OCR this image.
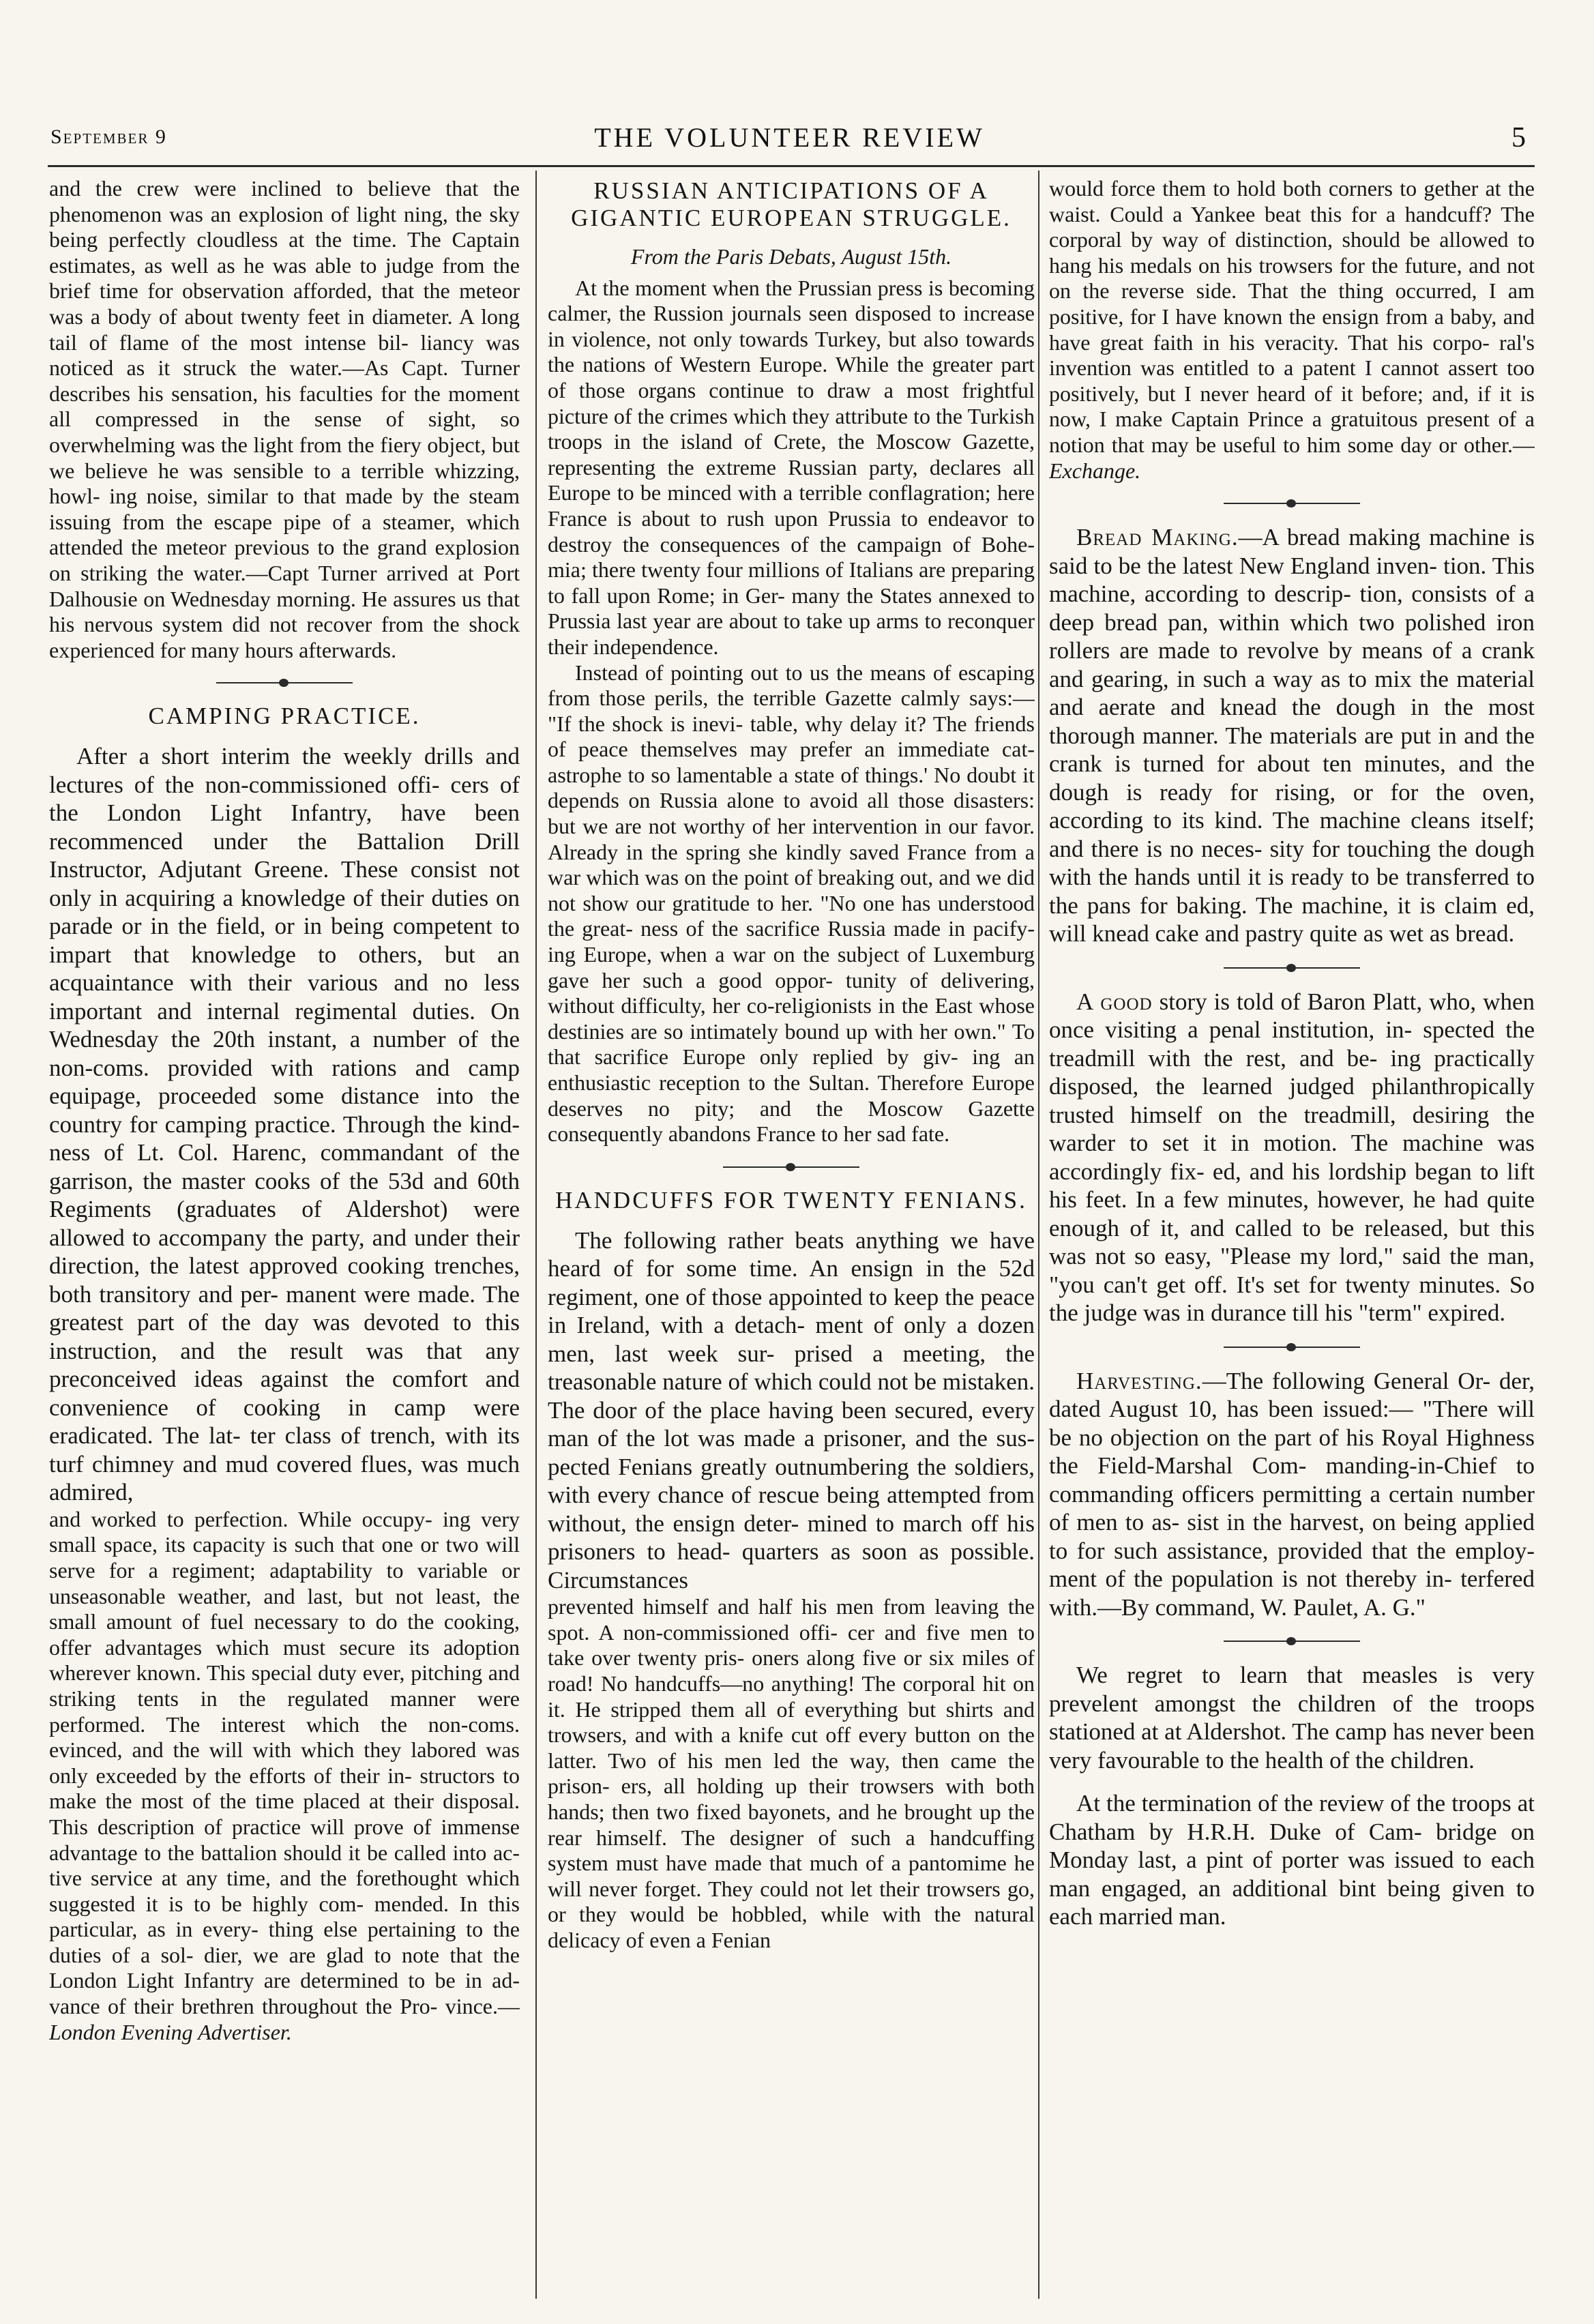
September 9	THE VOLUNTEER REVIEW	5

and the crew were inclined to believe that the phenomenon was an explosion of light ning, the sky being perfectly cloudless at the time. The Captain estimates, as well as he was able to judge from the brief time for observation afforded, that the meteor was a body of about twenty feet in diameter. A long tail of flame of the most intense bil- liancy was noticed as it struck the water.—As Capt. Turner describes his sensation, his faculties for the moment all compressed in the sense of sight, so overwhelming was the light from the fiery object, but we believe he was sensible to a terrible whizzing, howl- ing noise, similar to that made by the steam issuing from the escape pipe of a steamer, which attended the meteor previous to the grand explosion on striking the water.—Capt Turner arrived at Port Dalhousie on Wednesday morning. He assures us that his nervous system did not recover from the shock experienced for many hours afterwards.

CAMPING PRACTICE.

After a short interim the weekly drills and lectures of the non-commissioned offi- cers of the London Light Infantry, have been recommenced under the Battalion Drill Instructor, Adjutant Greene. These consist not only in acquiring a knowledge of their duties on parade or in the field, or in being competent to impart that knowledge to others, but an acquaintance with their various and no less important and internal regimental duties. On Wednesday the 20th instant, a number of the non-coms. provided with rations and camp equipage, proceeded some distance into the country for camping practice. Through the kind- ness of Lt. Col. Harenc, commandant of the garrison, the master cooks of the 53d and 60th Regiments (graduates of Aldershot) were allowed to accompany the party, and under their direction, the latest approved cooking trenches, both transitory and per- manent were made. The greatest part of the day was devoted to this instruction, and the result was that any preconceived ideas against the comfort and convenience of cooking in camp were eradicated. The lat- ter class of trench, with its turf chimney and mud covered flues, was much admired,

and worked to perfection. While occupy- ing very small space, its capacity is such that one or two will serve for a regiment; adaptability to variable or unseasonable weather, and last, but not least, the small amount of fuel necessary to do the cooking, offer advantages which must secure its adoption wherever known. This special duty ever, pitching and striking tents in the regulated manner were performed. The interest which the non-coms. evinced, and the will with which they labored was only exceeded by the efforts of their in- structors to make the most of the time placed at their disposal. This description of practice will prove of immense advantage to the battalion should it be called into ac- tive service at any time, and the forethought which suggested it is to be highly com- mended. In this particular, as in every- thing else pertaining to the duties of a sol- dier, we are glad to note that the London Light Infantry are determined to be in ad- vance of their brethren throughout the Pro- vince.—London Evening Advertiser.

RUSSIAN ANTICIPATIONS OF A GIGANTIC EUROPEAN STRUGGLE.

From the Paris Debats, August 15th.

At the moment when the Prussian press is becoming calmer, the Russion journals seen disposed to increase in violence, not only towards Turkey, but also towards the nations of Western Europe. While the greater part of those organs continue to draw a most frightful picture of the crimes which they attribute to the Turkish troops in the island of Crete, the Moscow Gazette, representing the extreme Russian party, declares all Europe to be minced with a terrible conflagration; here France is about to rush upon Prussia to endeavor to destroy the consequences of the campaign of Bohe- mia; there twenty four millions of Italians are preparing to fall upon Rome; in Ger- many the States annexed to Prussia last year are about to take up arms to reconquer their independence.

Instead of pointing out to us the means of escaping from those perils, the terrible Gazette calmly says:— "If the shock is inevi- table, why delay it? The friends of peace themselves may prefer an immediate cat- astrophe to so lamentable a state of things.' No doubt it depends on Russia alone to avoid all those disasters: but we are not worthy of her intervention in our favor. Already in the spring she kindly saved France from a war which was on the point of breaking out, and we did not show our gratitude to her. "No one has understood the great- ness of the sacrifice Russia made in pacify- ing Europe, when a war on the subject of Luxemburg gave her such a good oppor- tunity of delivering, without difficulty, her co-religionists in the East whose destinies are so intimately bound up with her own." To that sacrifice Europe only replied by giv- ing an enthusiastic reception to the Sultan. Therefore Europe deserves no pity; and the Moscow Gazette consequently abandons France to her sad fate.

HANDCUFFS FOR TWENTY FENIANS.

The following rather beats anything we have heard of for some time. An ensign in the 52d regiment, one of those appointed to keep the peace in Ireland, with a detach- ment of only a dozen men, last week sur- prised a meeting, the treasonable nature of which could not be mistaken. The door of the place having been secured, every man of the lot was made a prisoner, and the sus- pected Fenians greatly outnumbering the soldiers, with every chance of rescue being attempted from without, the ensign deter- mined to march off his prisoners to head- quarters as soon as possible. Circumstances

prevented himself and half his men from leaving the spot. A non-commissioned offi- cer and five men to take over twenty pris- oners along five or six miles of road! No handcuffs—no anything! The corporal hit on it. He stripped them all of everything but shirts and trowsers, and with a knife cut off every button on the latter. Two of his men led the way, then came the prison- ers, all holding up their trowsers with both hands; then two fixed bayonets, and he brought up the rear himself. The designer of such a handcuffing system must have made that much of a pantomime he will never forget. They could not let their trowsers go, or they would be hobbled, while with the natural delicacy of even a Fenian

would force them to hold both corners to gether at the waist. Could a Yankee beat this for a handcuff? The corporal by way of distinction, should be allowed to hang his medals on his trowsers for the future, and not on the reverse side. That the thing occurred, I am positive, for I have known the ensign from a baby, and have great faith in his veracity. That his corpo- ral's invention was entitled to a patent I cannot assert too positively, but I never heard of it before; and, if it is now, I make Captain Prince a gratuitous present of a notion that may be useful to him some day or other.—Exchange.

Bread Making.—A bread making machine is said to be the latest New England inven- tion. This machine, according to descrip- tion, consists of a deep bread pan, within which two polished iron rollers are made to revolve by means of a crank and gearing, in such a way as to mix the material and aerate and knead the dough in the most thorough manner. The materials are put in and the crank is turned for about ten minutes, and the dough is ready for rising, or for the oven, according to its kind. The machine cleans itself; and there is no neces- sity for touching the dough with the hands until it is ready to be transferred to the pans for baking. The machine, it is claim ed, will knead cake and pastry quite as wet as bread.

A good story is told of Baron Platt, who, when once visiting a penal institution, in- spected the treadmill with the rest, and be- ing practically disposed, the learned judged philanthropically trusted himself on the treadmill, desiring the warder to set it in motion. The machine was accordingly fix- ed, and his lordship began to lift his feet. In a few minutes, however, he had quite enough of it, and called to be released, but this was not so easy, "Please my lord," said the man, "you can't get off. It's set for twenty minutes. So the judge was in durance till his "term" expired.

Harvesting.—The following General Or- der, dated August 10, has been issued:— "There will be no objection on the part of his Royal Highness the Field-Marshal Com- manding-in-Chief to commanding officers permitting a certain number of men to as- sist in the harvest, on being applied to for such assistance, provided that the employ- ment of the population is not thereby in- terfered with.—By command, W. Paulet, A. G."

We regret to learn that measles is very prevelent amongst the children of the troops stationed at at Aldershot. The camp has never been very favourable to the health of the children.

At the termination of the review of the troops at Chatham by H.R.H. Duke of Cam- bridge on Monday last, a pint of porter was issued to each man engaged, an additional bint being given to each married man.
